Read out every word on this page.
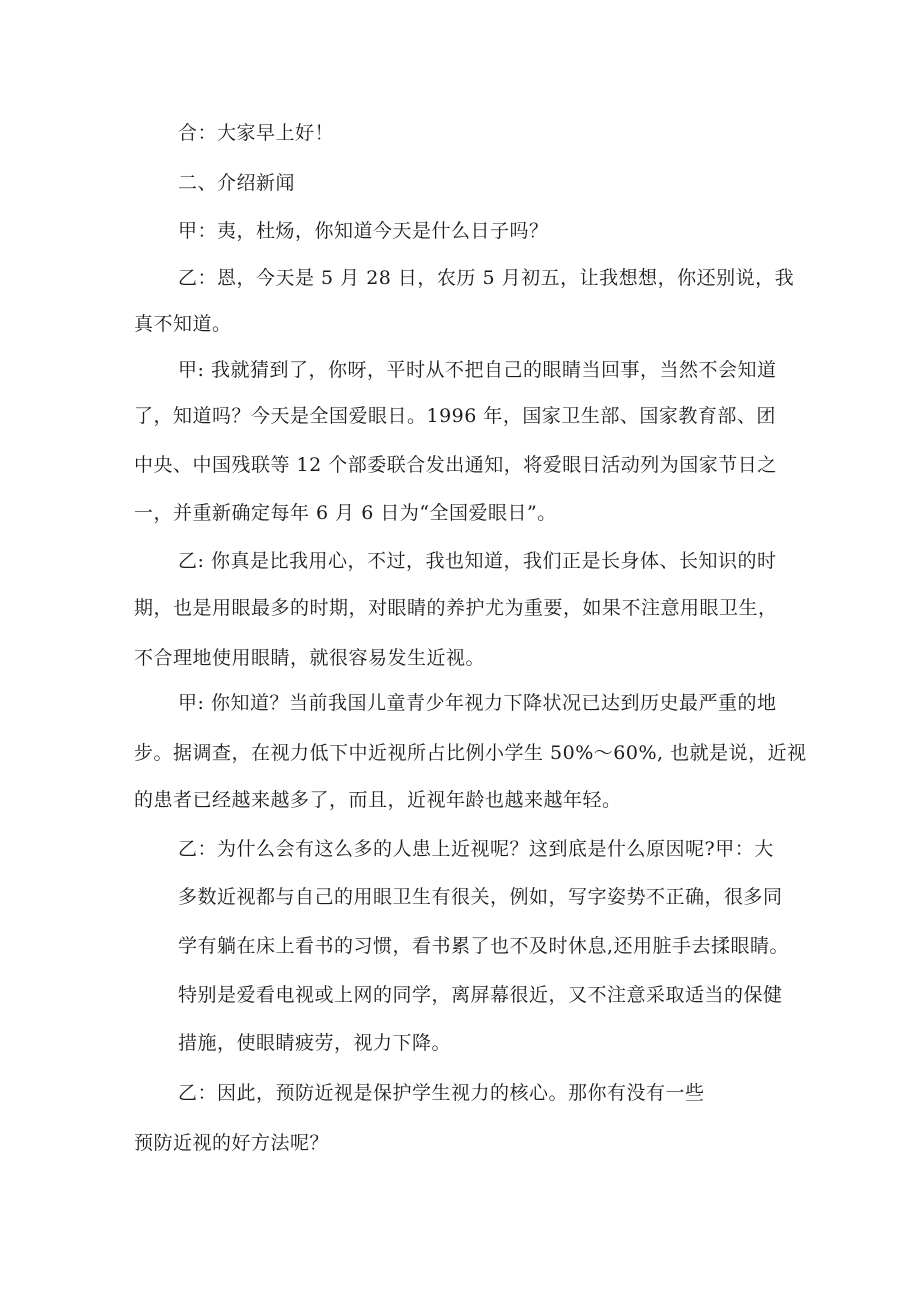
合：大家早上好！
二、介绍新闻
甲：夷，杜炀，你知道今天是什么日子吗？
乙：恩，今天是 5 月 28 日，农历 5 月初五，让我想想，你还别说，我
真不知道。
甲: 我就猜到了，你呀，平时从不把自己的眼睛当回事，当然不会知道
了，知道吗？今天是全国爱眼日。1996 年，国家卫生部、国家教育部、团
中央、中国残联等 12 个部委联合发出通知，将爱眼日活动列为国家节日之
一，并重新确定每年 6 月 6 日为“全国爱眼日”。
乙: 你真是比我用心，不过，我也知道，我们正是长身体、长知识的时
期，也是用眼最多的时期，对眼睛的养护尤为重要，如果不注意用眼卫生，
不合理地使用眼睛，就很容易发生近视。
甲: 你知道？当前我国儿童青少年视力下降状况已达到历史最严重的地
步。据调查，在视力低下中近视所占比例小学生 50%～60%, 也就是说，近视
的患者已经越来越多了，而且，近视年龄也越来越年轻。
乙：为什么会有这么多的人患上近视呢？这到底是什么原因呢?甲：大
多数近视都与自己的用眼卫生有很关，例如，写字姿势不正确，很多同
学有躺在床上看书的习惯，看书累了也不及时休息,还用脏手去揉眼睛。
特别是爱看电视或上网的同学，离屏幕很近，又不注意采取适当的保健
措施，使眼睛疲劳，视力下降。
乙：因此，预防近视是保护学生视力的核心。那你有没有一些
预防近视的好方法呢？
